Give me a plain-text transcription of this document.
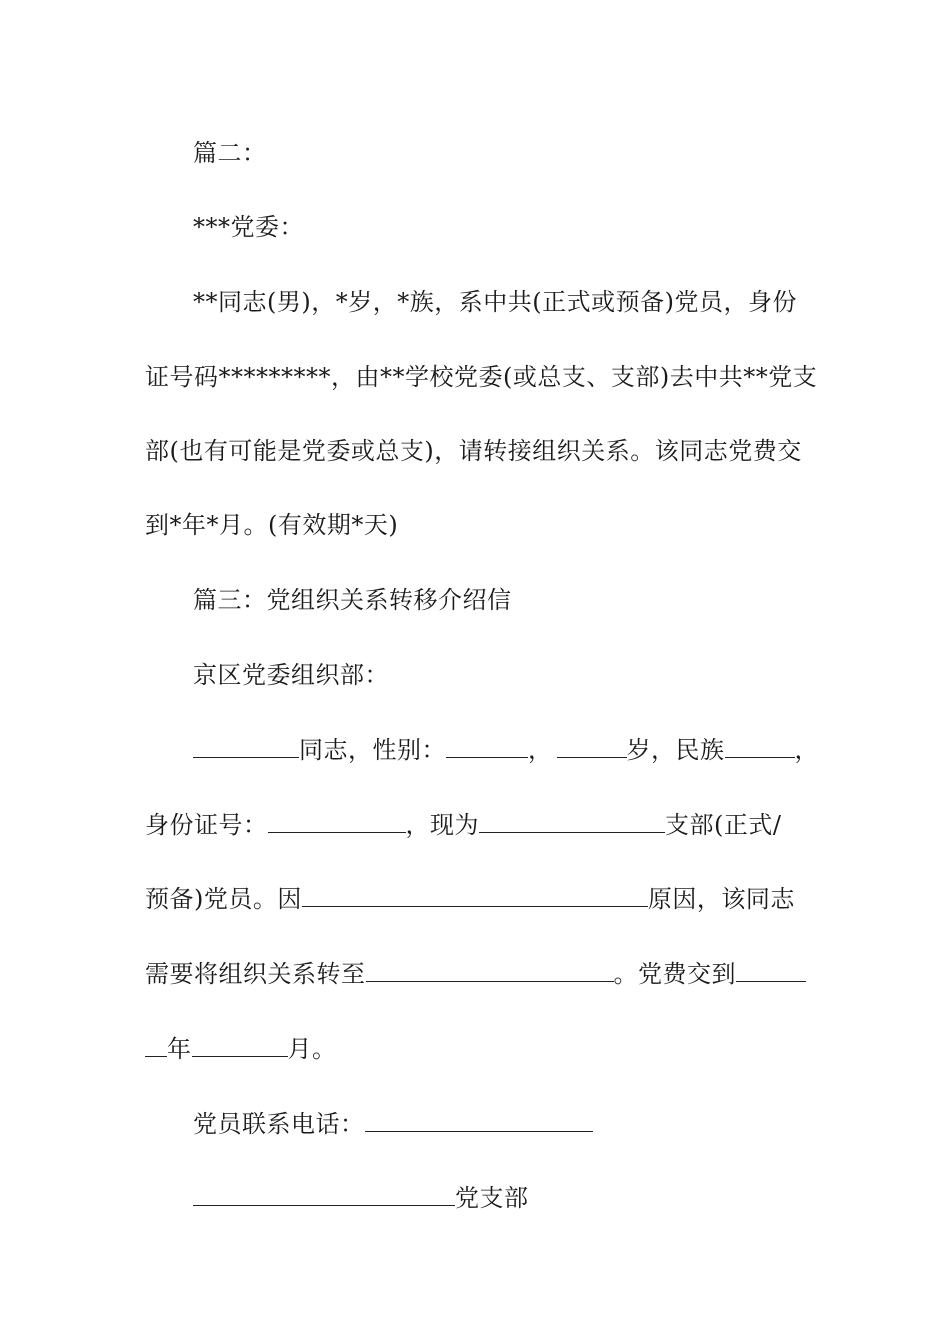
篇二：
***党委：
**同志(男)，*岁，*族，系中共(正式或预备)党员，身份
证号码*********，由**学校党委(或总支、支部)去中共**党支
部(也有可能是党委或总支)，请转接组织关系。该同志党费交
到*年*月。(有效期*天)
篇三：党组织关系转移介绍信
京区党委组织部：
同志，性别：	，	岁，民族	，
身份证号：	，现为	支部(正式/
预备)党员。因	原因，该同志
需要将组织关系转至	。党费交到
年	月。
党员联系电话：
党支部
